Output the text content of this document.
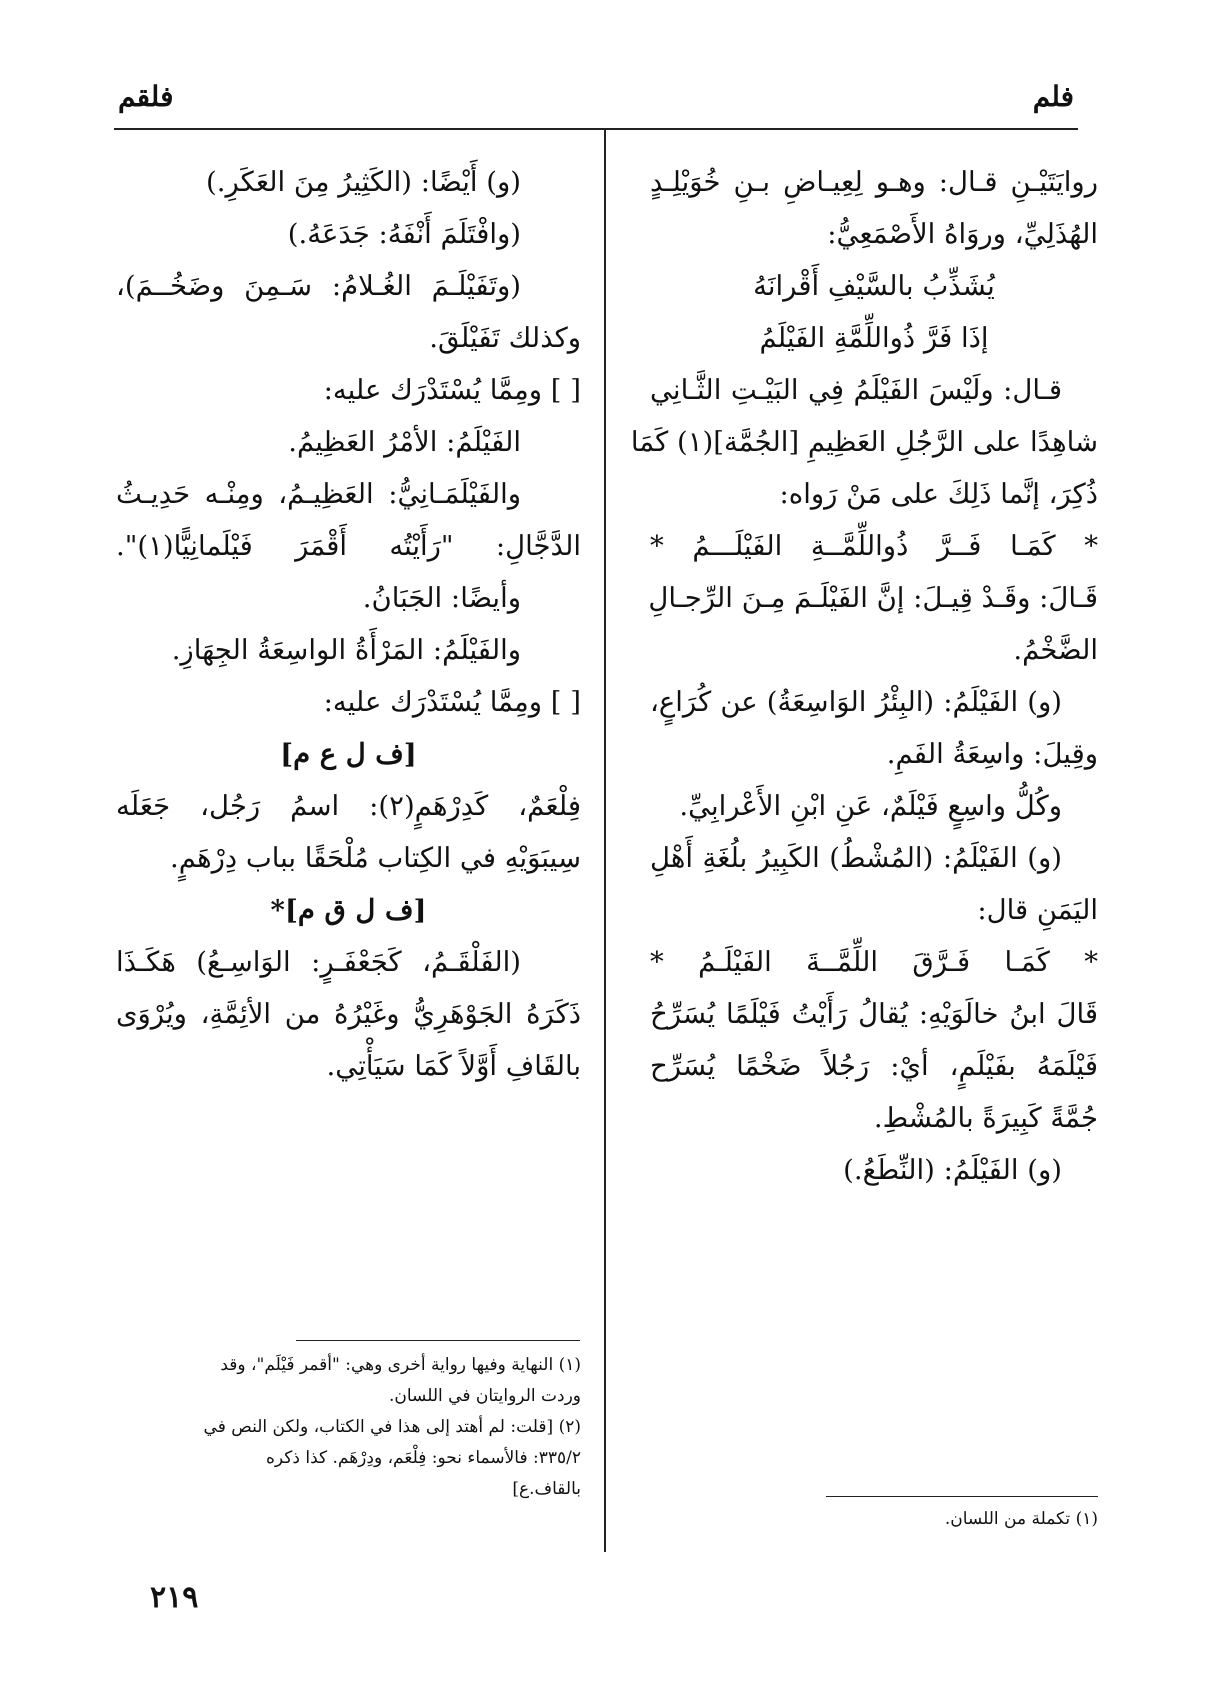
فلقم	فلم
روايَتَيْـنِ قـال: وهـو لِعِيـاضِ بـنِ خُوَيْلِـدٍ
الهُذَلِيِّ، وروَاهُ الأَصْمَعِيُّ:
يُشَذِّبُ بالسَّيْفِ أَقْرانَهُ
إذَا فَرَّ ذُواللِّمَّةِ الفَيْلَمُ
قـال: ولَيْسَ الفَيْلَمُ فِي البَيْـتِ الثَّـانِي
شاهِدًا على الرَّجُلِ العَظِيمِ [الجُمَّة](١) كَمَا
ذُكِرَ، إنَّما ذَلِكَ على مَنْ رَواه:
* كَمَـا فَــرَّ ذُواللِّمَّــةِ الفَيْلَـــمُ *
قَـالَ: وقَـدْ قِيـلَ: إنَّ الفَيْلَـمَ مِـنَ الرِّجـالِ
الضَّخْمُ.
(و) الفَيْلَمُ: (البِئْرُ الوَاسِعَةُ) عن كُرَاعٍ،
وقِيلَ: واسِعَةُ الفَمِ.
وكُلُّ واسِعٍ فَيْلَمٌ، عَنِ ابْنِ الأَعْرابِيِّ.
(و) الفَيْلَمُ: (المُشْطُ) الكَبِيرُ بلُغَةِ أَهْلِ
اليَمَنِ قال:
* كَمَـا فَـرَّقَ اللِّمَّــةَ الفَيْلَـمُ *
قَالَ ابنُ خالَوَيْهِ: يُقالُ رَأَيْتُ فَيْلَمًا يُسَرِّحُ
فَيْلَمَهُ بفَيْلَمٍ، أيْ: رَجُلاً ضَخْمًا يُسَرِّح
جُمَّةً كَبِيرَةً بالمُشْطِ.
(و) الفَيْلَمُ: (النِّطَعُ.)
(١) تكملة من اللسان.
(و) أَيْضًا: (الكَثِيرُ مِنَ العَكَرِ.)
(وافْتَلَمَ أَنْفَهُ: جَدَعَهُ.)
(وتَفَيْلَـمَ الغُـلامُ: سَـمِنَ وضَخُــمَ)،
وكذلك تَفَيْلَقَ.
[ ] ومِمَّا يُسْتَدْرَك عليه:
الفَيْلَمُ: الأمْرُ العَظِيمُ.
والفَيْلَمَـانِيُّ: العَظِيـمُ، ومِنْـه حَدِيـثُ
الدَّجَّالِ: "رَأَيْتُه أَقْمَرَ فَيْلَمانِيًّا(١)".
وأيضًا: الجَبَانُ.
والفَيْلَمُ: المَرْأَةُ الواسِعَةُ الجِهَازِ.
[ ] ومِمَّا يُسْتَدْرَك عليه:
[ف ل ع م]
فِلْعَمٌ، كَدِرْهَمٍ(٢): اسمُ رَجُل، جَعَلَه
سِيبَوَيْهِ في الكِتاب مُلْحَقًا بباب دِرْهَمٍ.
[ف ل ق م]*
(الفَلْقَـمُ، كَجَعْفَـرٍ: الوَاسِـعُ) هَكَـذَا
ذَكَرَهُ الجَوْهَرِيُّ وغَيْرُهُ من الأئِمَّةِ، ويُرْوَى
بالقَافِ أَوَّلاً كَمَا سَيَأْتِي.
(١) النهاية وفيها رواية أخرى وهي: "أقمر فَيْلَم"، وقد
وردت الروايتان في اللسان.
(٢) [قلت: لم أهتد إلى هذا في الكتاب، ولكن النص في
٣٣٥/٢: فالأسماء نحو: فِلْعَم، ودِرْهَم. كذا ذكره
بالقاف.ع]
٢١٩
